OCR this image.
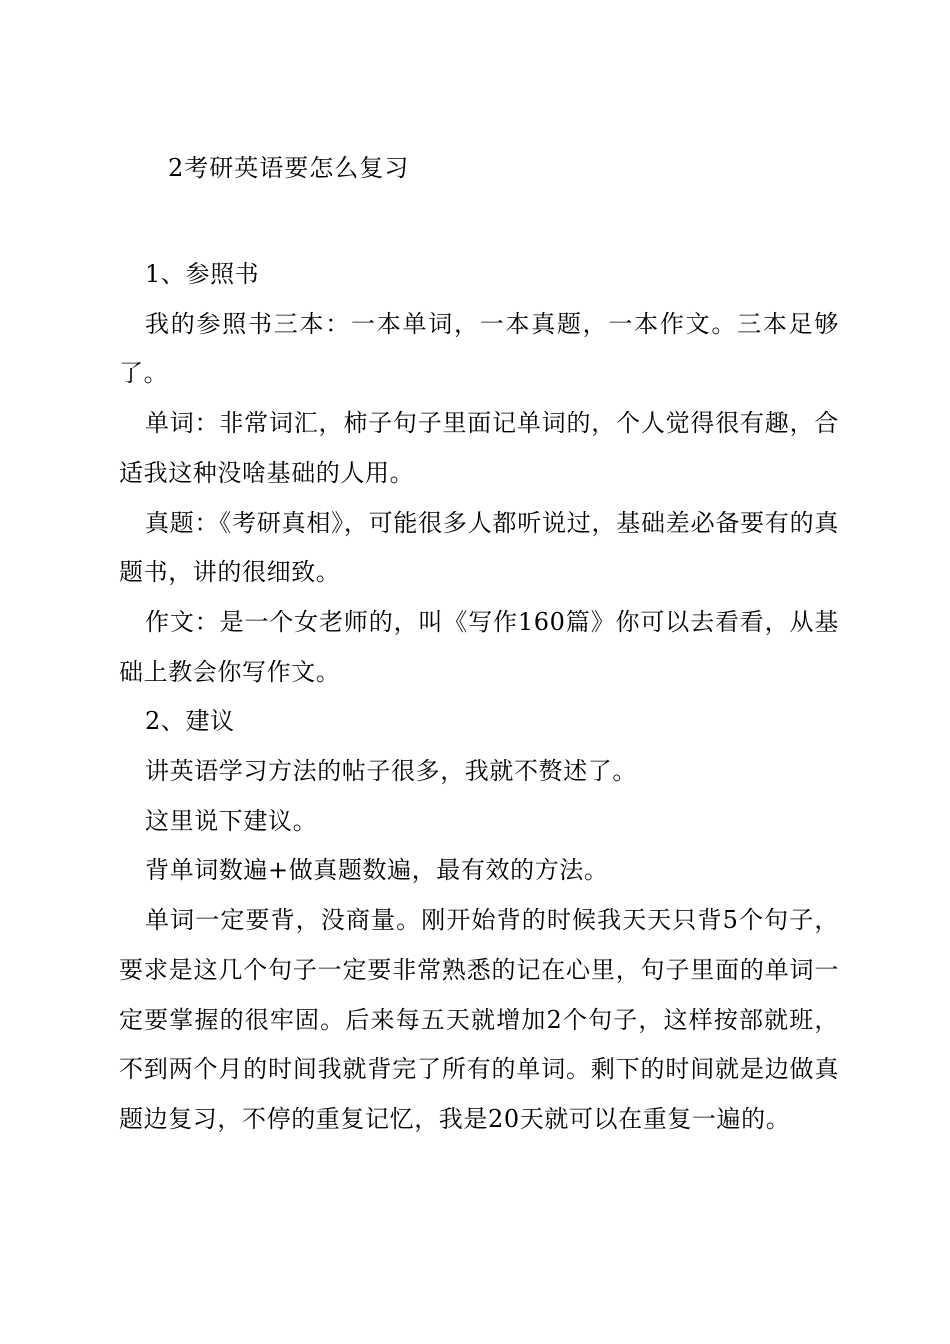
2考研英语要怎么复习

1、参照书

我的参照书三本：一本单词，一本真题，一本作文。三本足够了。

单词：非常词汇，柿子句子里面记单词的，个人觉得很有趣，合适我这种没啥基础的人用。

真题：《考研真相》，可能很多人都听说过，基础差必备要有的真题书，讲的很细致。

作文：是一个女老师的，叫《写作160篇》你可以去看看，从基础上教会你写作文。

2、建议

讲英语学习方法的帖子很多，我就不赘述了。

这里说下建议。

背单词数遍+做真题数遍，最有效的方法。

单词一定要背，没商量。刚开始背的时候我天天只背5个句子，要求是这几个句子一定要非常熟悉的记在心里，句子里面的单词一定要掌握的很牢固。后来每五天就增加2个句子，这样按部就班，不到两个月的时间我就背完了所有的单词。剩下的时间就是边做真题边复习，不停的重复记忆，我是20天就可以在重复一遍的。
